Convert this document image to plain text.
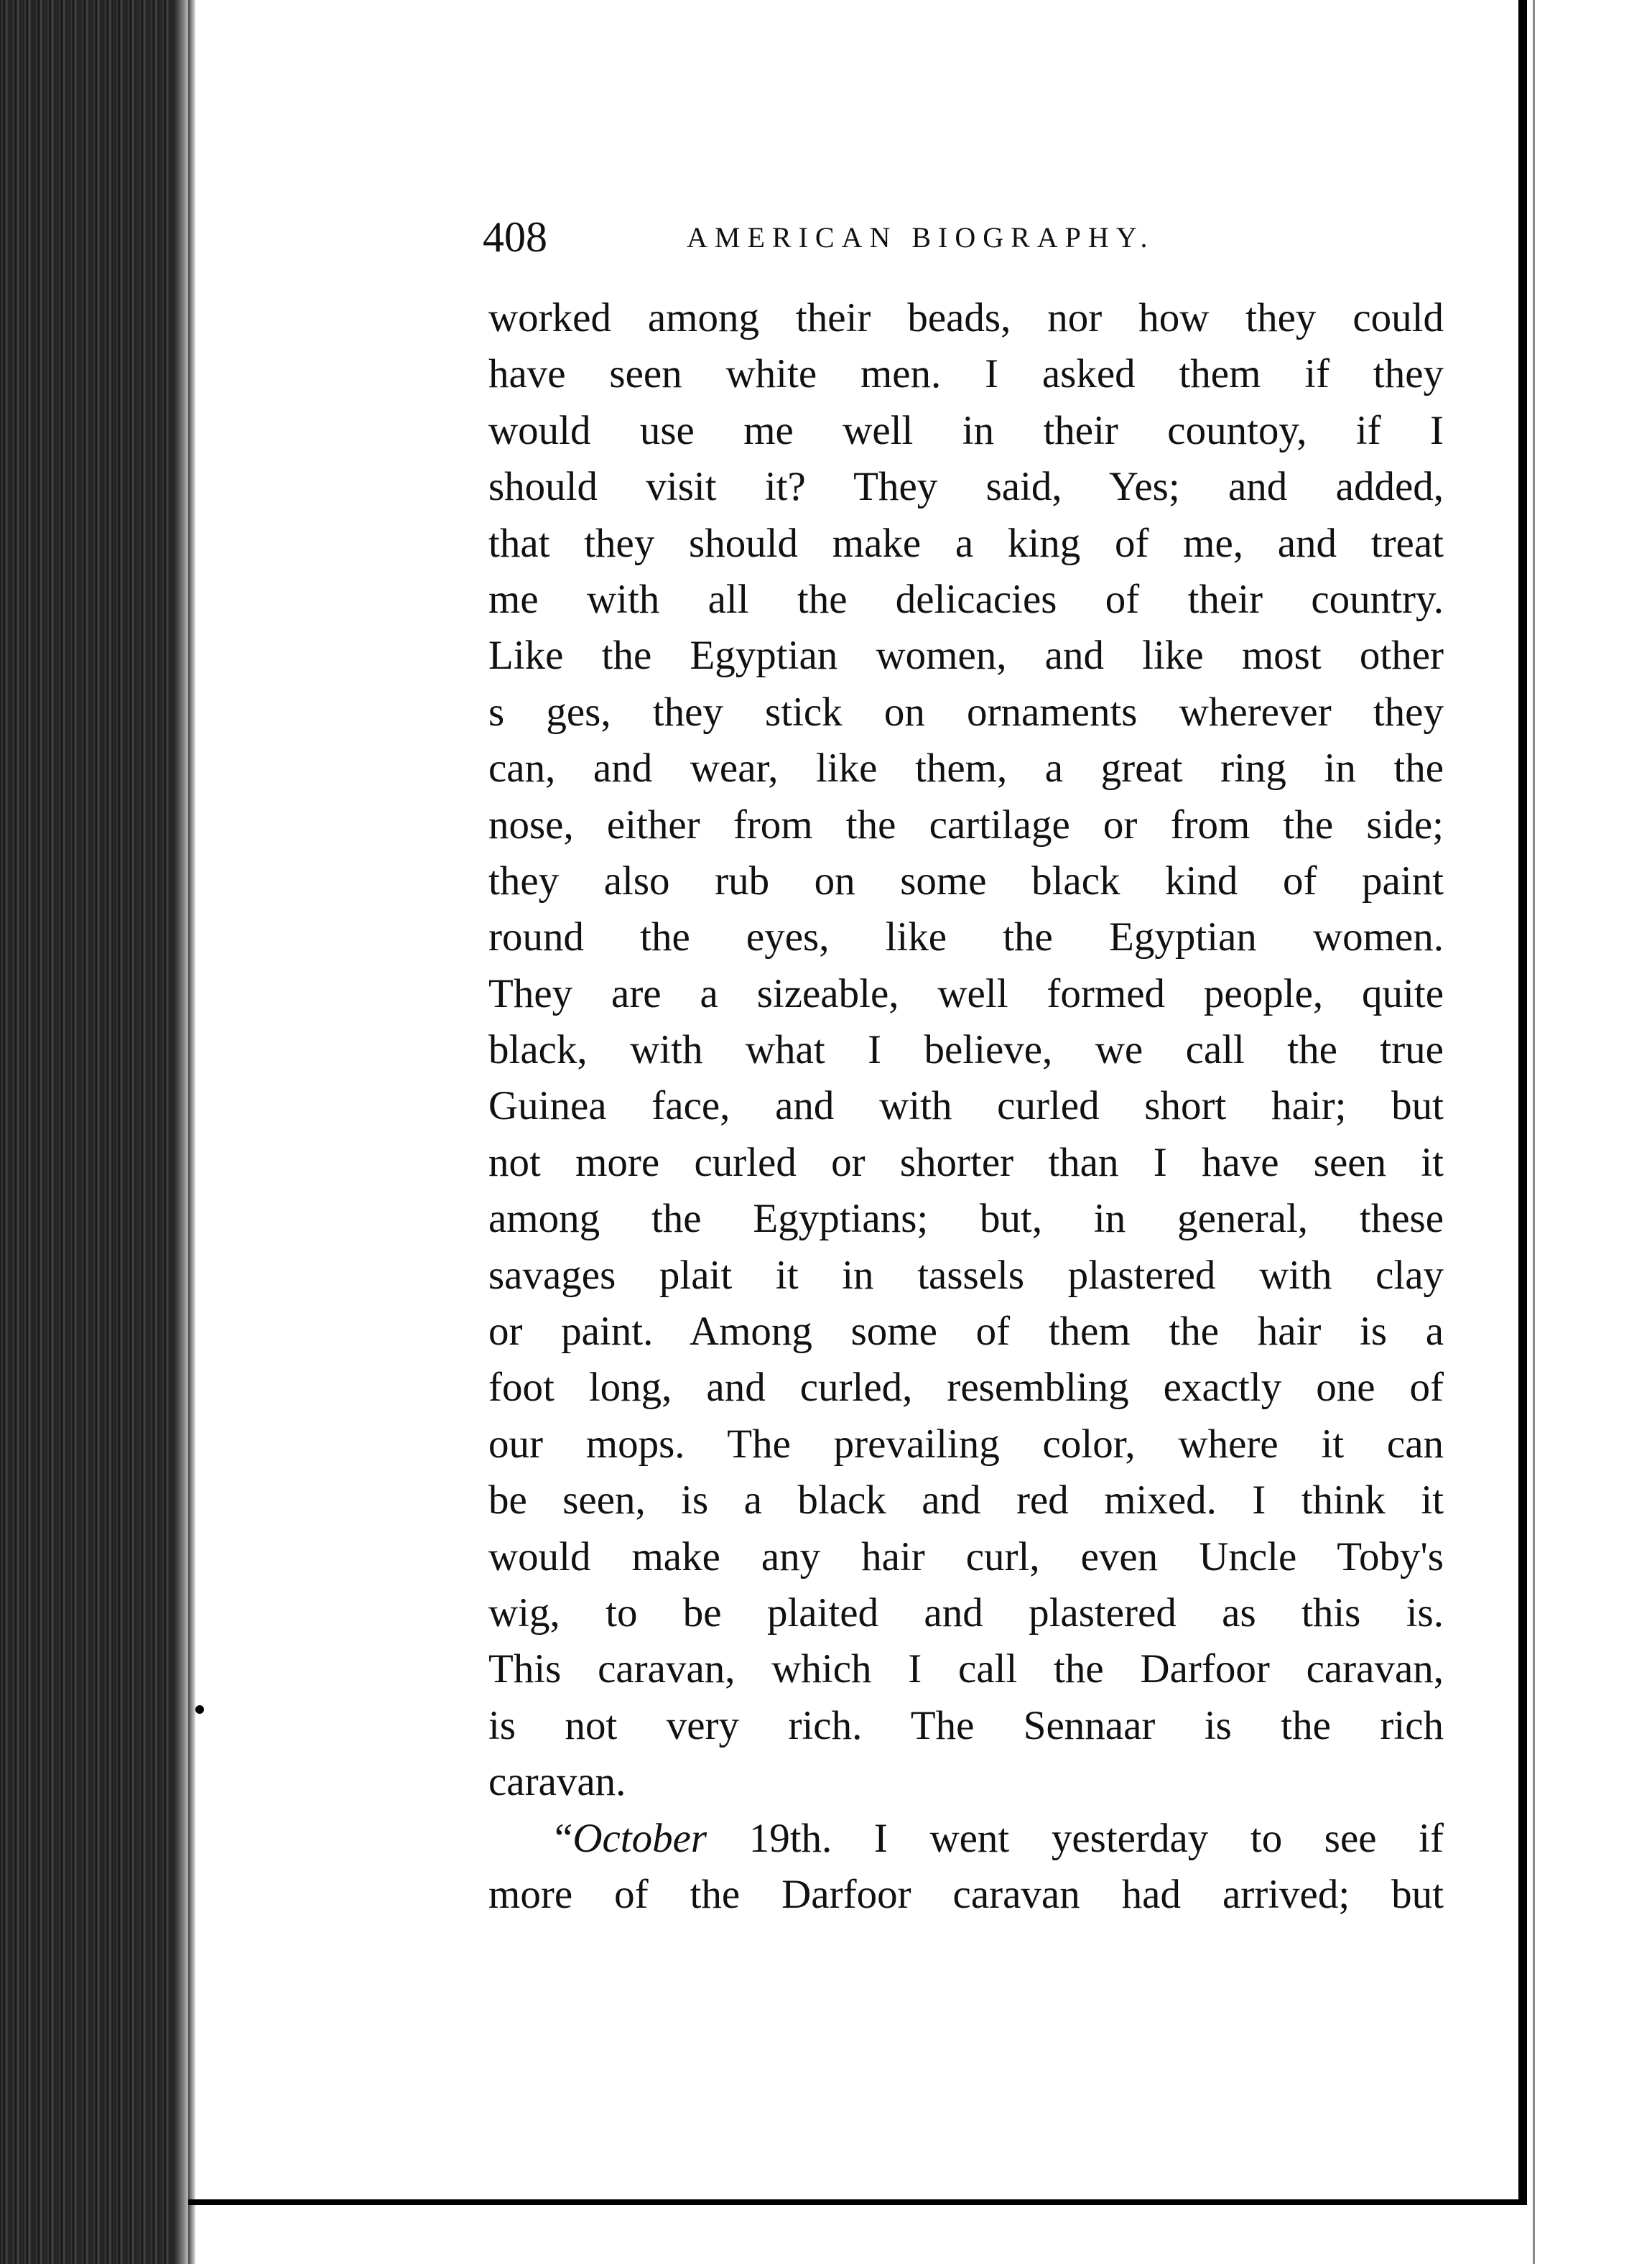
408	AMERICAN BIOGRAPHY.
worked among their beads, nor how they could
have seen white men. I asked them if they
would use me well in their countoy, if I
should visit it? They said, Yes; and added,
that they should make a king of me, and treat
me with all the delicacies of their country.
Like the Egyptian women, and like most other
s ges, they stick on ornaments wherever they
can, and wear, like them, a great ring in the
nose, either from the cartilage or from the side;
they also rub on some black kind of paint
round the eyes, like the Egyptian women.
They are a sizeable, well formed people, quite
black, with what I believe, we call the true
Guinea face, and with curled short hair; but
not more curled or shorter than I have seen it
among the Egyptians; but, in general, these
savages plait it in tassels plastered with clay
or paint. Among some of them the hair is a
foot long, and curled, resembling exactly one of
our mops. The prevailing color, where it can
be seen, is a black and red mixed. I think it
would make any hair curl, even Uncle Toby's
wig, to be plaited and plastered as this is.
This caravan, which I call the Darfoor caravan,
is not very rich. The Sennaar is the rich
caravan.
“October 19th. I went yesterday to see if
more of the Darfoor caravan had arrived; but
